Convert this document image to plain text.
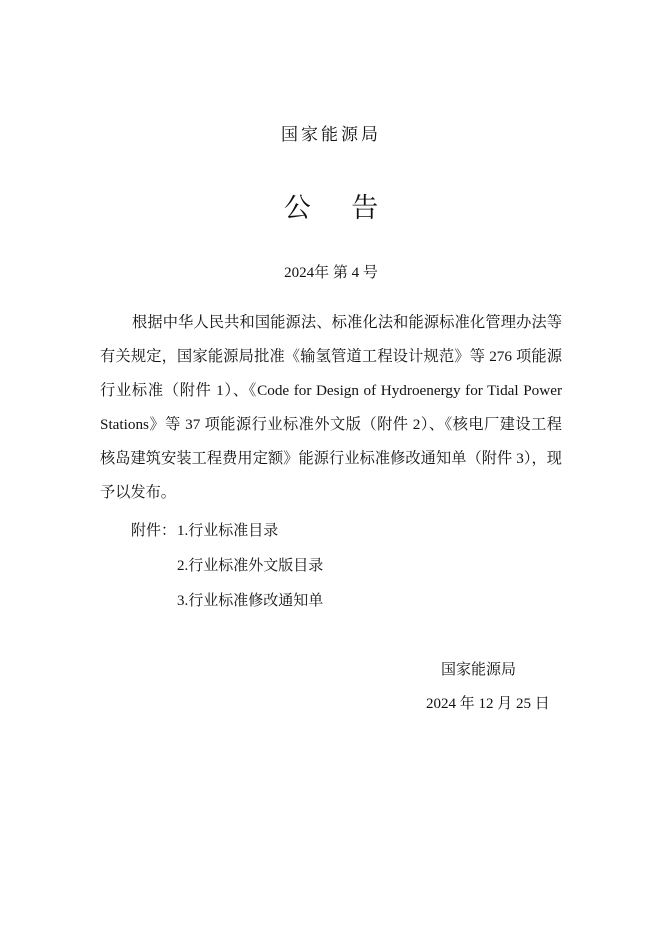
国家能源局
公 告
2024年 第 4 号

根据中华人民共和国能源法、标准化法和能源标准化管理办法等有关规定，国家能源局批准《输氢管道工程设计规范》等 276 项能源行业标准（附件 1）、《Code for Design of Hydroenergy for Tidal Power Stations》等 37 项能源行业标准外文版（附件 2）、《核电厂建设工程核岛建筑安装工程费用定额》能源行业标准修改通知单（附件 3），现予以发布。

附件：1.行业标准目录
2.行业标准外文版目录
3.行业标准修改通知单
国家能源局
2024 年 12 月 25 日
